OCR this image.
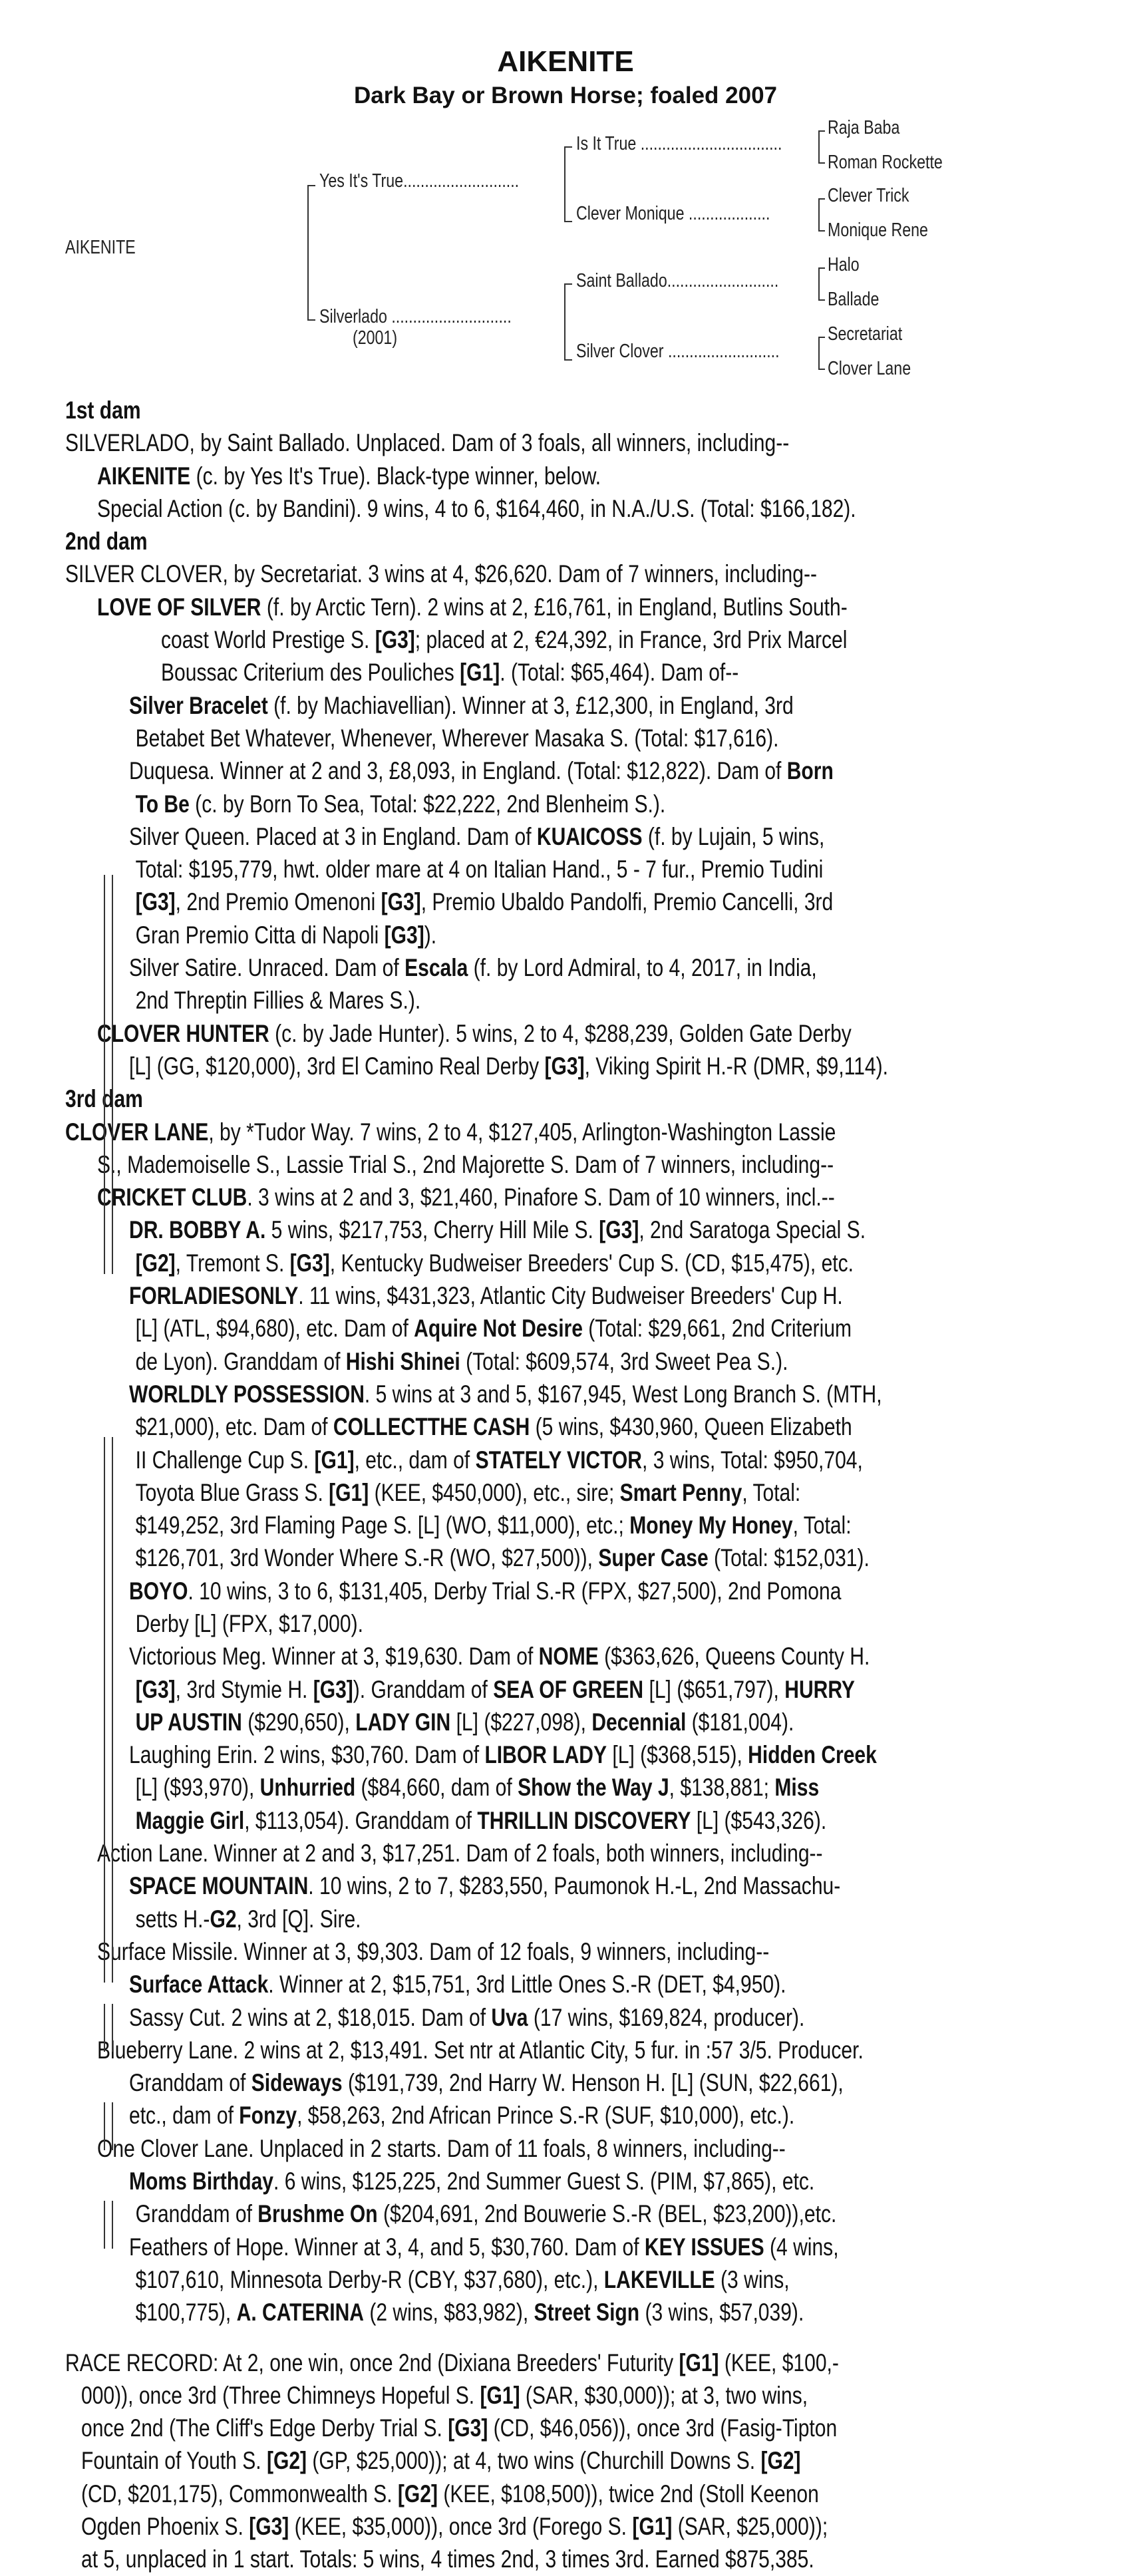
AIKENITE
Dark Bay or Brown Horse; foaled 2007
AIKENITE
Yes It's True...........................
Silverlado ............................
(2001)
Is It True .................................
Clever Monique ...................
Saint Ballado..........................
Silver Clover ..........................
Raja Baba
Roman Rockette
Clever Trick
Monique Rene
Halo
Ballade
Secretariat
Clover Lane
1st dam
SILVERLADO, by Saint Ballado. Unplaced. Dam of 3 foals, all winners, including--
AIKENITE (c. by Yes It's True). Black-type winner, below.
Special Action (c. by Bandini). 9 wins, 4 to 6, $164,460, in N.A./U.S. (Total: $166,182).
2nd dam
SILVER CLOVER, by Secretariat. 3 wins at 4, $26,620. Dam of 7 winners, including--
LOVE OF SILVER (f. by Arctic Tern). 2 wins at 2, £16,761, in England, Butlins South-
coast World Prestige S. [G3]; placed at 2, €24,392, in France, 3rd Prix Marcel
Boussac Criterium des Pouliches [G1]. (Total: $65,464). Dam of--
Silver Bracelet (f. by Machiavellian). Winner at 3, £12,300, in England, 3rd
Betabet Bet Whatever, Whenever, Wherever Masaka S. (Total: $17,616).
Duquesa. Winner at 2 and 3, £8,093, in England. (Total: $12,822). Dam of Born
To Be (c. by Born To Sea, Total: $22,222, 2nd Blenheim S.).
Silver Queen. Placed at 3 in England. Dam of KUAICOSS (f. by Lujain, 5 wins,
Total: $195,779, hwt. older mare at 4 on Italian Hand., 5 - 7 fur., Premio Tudini
[G3], 2nd Premio Omenoni [G3], Premio Ubaldo Pandolfi, Premio Cancelli, 3rd
Gran Premio Citta di Napoli [G3]).
Silver Satire. Unraced. Dam of Escala (f. by Lord Admiral, to 4, 2017, in India,
2nd Threptin Fillies & Mares S.).
CLOVER HUNTER (c. by Jade Hunter). 5 wins, 2 to 4, $288,239, Golden Gate Derby
[L] (GG, $120,000), 3rd El Camino Real Derby [G3], Viking Spirit H.-R (DMR, $9,114).
3rd dam
CLOVER LANE, by *Tudor Way. 7 wins, 2 to 4, $127,405, Arlington-Washington Lassie
S., Mademoiselle S., Lassie Trial S., 2nd Majorette S. Dam of 7 winners, including--
CRICKET CLUB. 3 wins at 2 and 3, $21,460, Pinafore S. Dam of 10 winners, incl.--
DR. BOBBY A. 5 wins, $217,753, Cherry Hill Mile S. [G3], 2nd Saratoga Special S.
[G2], Tremont S. [G3], Kentucky Budweiser Breeders' Cup S. (CD, $15,475), etc.
FORLADIESONLY. 11 wins, $431,323, Atlantic City Budweiser Breeders' Cup H.
[L] (ATL, $94,680), etc. Dam of Aquire Not Desire (Total: $29,661, 2nd Criterium
de Lyon). Granddam of Hishi Shinei (Total: $609,574, 3rd Sweet Pea S.).
WORLDLY POSSESSION. 5 wins at 3 and 5, $167,945, West Long Branch S. (MTH,
$21,000), etc. Dam of COLLECTTHE CASH (5 wins, $430,960, Queen Elizabeth
II Challenge Cup S. [G1], etc., dam of STATELY VICTOR, 3 wins, Total: $950,704,
Toyota Blue Grass S. [G1] (KEE, $450,000), etc., sire; Smart Penny, Total:
$149,252, 3rd Flaming Page S. [L] (WO, $11,000), etc.; Money My Honey, Total:
$126,701, 3rd Wonder Where S.-R (WO, $27,500)), Super Case (Total: $152,031).
BOYO. 10 wins, 3 to 6, $131,405, Derby Trial S.-R (FPX, $27,500), 2nd Pomona
Derby [L] (FPX, $17,000).
Victorious Meg. Winner at 3, $19,630. Dam of NOME ($363,626, Queens County H.
[G3], 3rd Stymie H. [G3]). Granddam of SEA OF GREEN [L] ($651,797), HURRY
UP AUSTIN ($290,650), LADY GIN [L] ($227,098), Decennial ($181,004).
Laughing Erin. 2 wins, $30,760. Dam of LIBOR LADY [L] ($368,515), Hidden Creek
[L] ($93,970), Unhurried ($84,660, dam of Show the Way J, $138,881; Miss
Maggie Girl, $113,054). Granddam of THRILLIN DISCOVERY [L] ($543,326).
Action Lane. Winner at 2 and 3, $17,251. Dam of 2 foals, both winners, including--
SPACE MOUNTAIN. 10 wins, 2 to 7, $283,550, Paumonok H.-L, 2nd Massachu-
setts H.-G2, 3rd [Q]. Sire.
Surface Missile. Winner at 3, $9,303. Dam of 12 foals, 9 winners, including--
Surface Attack. Winner at 2, $15,751, 3rd Little Ones S.-R (DET, $4,950).
Sassy Cut. 2 wins at 2, $18,015. Dam of Uva (17 wins, $169,824, producer).
Blueberry Lane. 2 wins at 2, $13,491. Set ntr at Atlantic City, 5 fur. in :57 3/5. Producer.
Granddam of Sideways ($191,739, 2nd Harry W. Henson H. [L] (SUN, $22,661),
etc., dam of Fonzy, $58,263, 2nd African Prince S.-R (SUF, $10,000), etc.).
One Clover Lane. Unplaced in 2 starts. Dam of 11 foals, 8 winners, including--
Moms Birthday. 6 wins, $125,225, 2nd Summer Guest S. (PIM, $7,865), etc.
Granddam of Brushme On ($204,691, 2nd Bouwerie S.-R (BEL, $23,200)),etc.
Feathers of Hope. Winner at 3, 4, and 5, $30,760. Dam of KEY ISSUES (4 wins,
$107,610, Minnesota Derby-R (CBY, $37,680), etc.), LAKEVILLE (3 wins,
$100,775), A. CATERINA (2 wins, $83,982), Street Sign (3 wins, $57,039).
RACE RECORD: At 2, one win, once 2nd (Dixiana Breeders' Futurity [G1] (KEE, $100,-
000)), once 3rd (Three Chimneys Hopeful S. [G1] (SAR, $30,000)); at 3, two wins,
once 2nd (The Cliff's Edge Derby Trial S. [G3] (CD, $46,056)), once 3rd (Fasig-Tipton
Fountain of Youth S. [G2] (GP, $25,000)); at 4, two wins (Churchill Downs S. [G2]
(CD, $201,175), Commonwealth S. [G2] (KEE, $108,500)), twice 2nd (Stoll Keenon
Ogden Phoenix S. [G3] (KEE, $35,000)), once 3rd (Forego S. [G1] (SAR, $25,000));
at 5, unplaced in 1 start. Totals: 5 wins, 4 times 2nd, 3 times 3rd. Earned $875,385.
